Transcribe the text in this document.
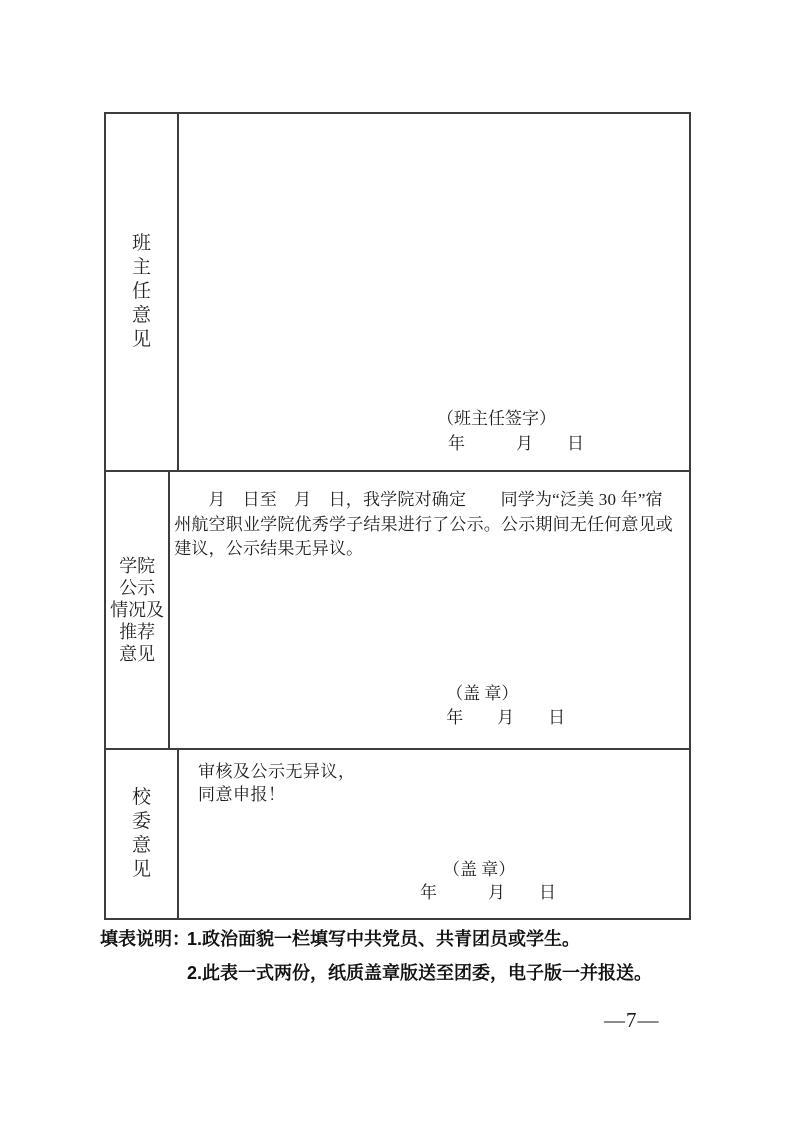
班
主
任
意
见
（班主任签字）
年　　　月　　日
学院
公示
情况及
推荐
意见
月　日至　月　日，我学院对确定　　同学为“泛美 30 年”宿
州航空职业学院优秀学子结果进行了公示。公示期间无任何意见或
建议，公示结果无异议。
（盖 章）
年　　月　　日
校
委
意
见
审核及公示无异议，
同意申报！
（盖 章）
年　　　月　　日
填表说明：
1.政治面貌一栏填写中共党员、共青团员或学生。
2.此表一式两份，纸质盖章版送至团委，电子版一并报送。
—7—
